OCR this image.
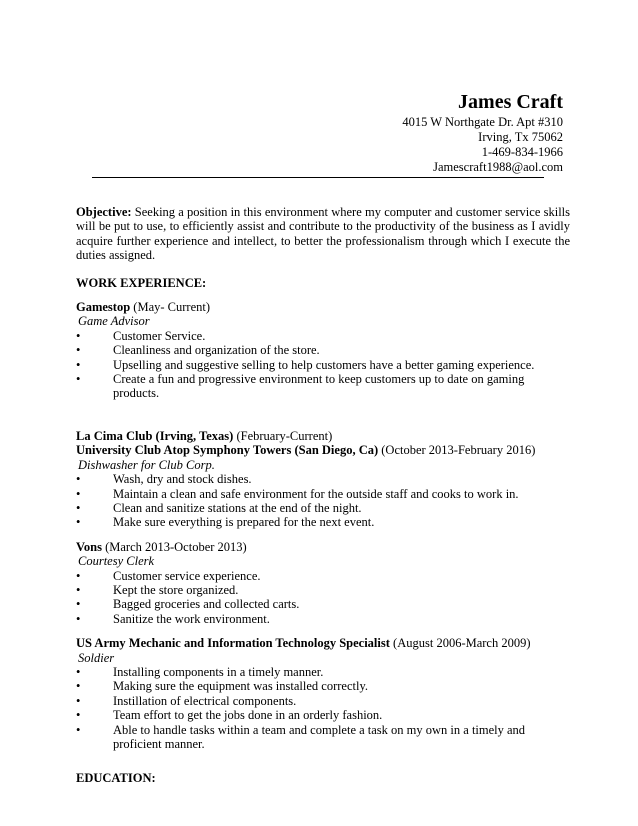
James Craft
4015 W Northgate Dr. Apt #310
Irving, Tx 75062
1-469-834-1966
Jamescraft1988@aol.com

Objective: Seeking a position in this environment where my computer and customer service skills will be put to use, to efficiently assist and contribute to the productivity of the business as I avidly acquire further experience and intellect, to better the professionalism through which I execute the duties assigned.

WORK EXPERIENCE:
Gamestop (May- Current)
Game Advisor
•	Customer Service.
•	Cleanliness and organization of the store.
•	Upselling and suggestive selling to help customers have a better gaming experience.
•	Create a fun and progressive environment to keep customers up to date on gaming products.
La Cima Club (Irving, Texas) (February-Current)
University Club Atop Symphony Towers (San Diego, Ca) (October 2013-February 2016)
Dishwasher for Club Corp.
•	Wash, dry and stock dishes.
•	Maintain a clean and safe environment for the outside staff and cooks to work in.
•	Clean and sanitize stations at the end of the night.
•	Make sure everything is prepared for the next event.
Vons (March 2013-October 2013)
Courtesy Clerk
•	Customer service experience.
•	Kept the store organized.
•	Bagged groceries and collected carts.
•	Sanitize the work environment.
US Army Mechanic and Information Technology Specialist (August 2006-March 2009)
Soldier
•	Installing components in a timely manner.
•	Making sure the equipment was installed correctly.
•	Instillation of electrical components.
•	Team effort to get the jobs done in an orderly fashion.
•	Able to handle tasks within a team and complete a task on my own in a timely and proficient manner.
EDUCATION:
